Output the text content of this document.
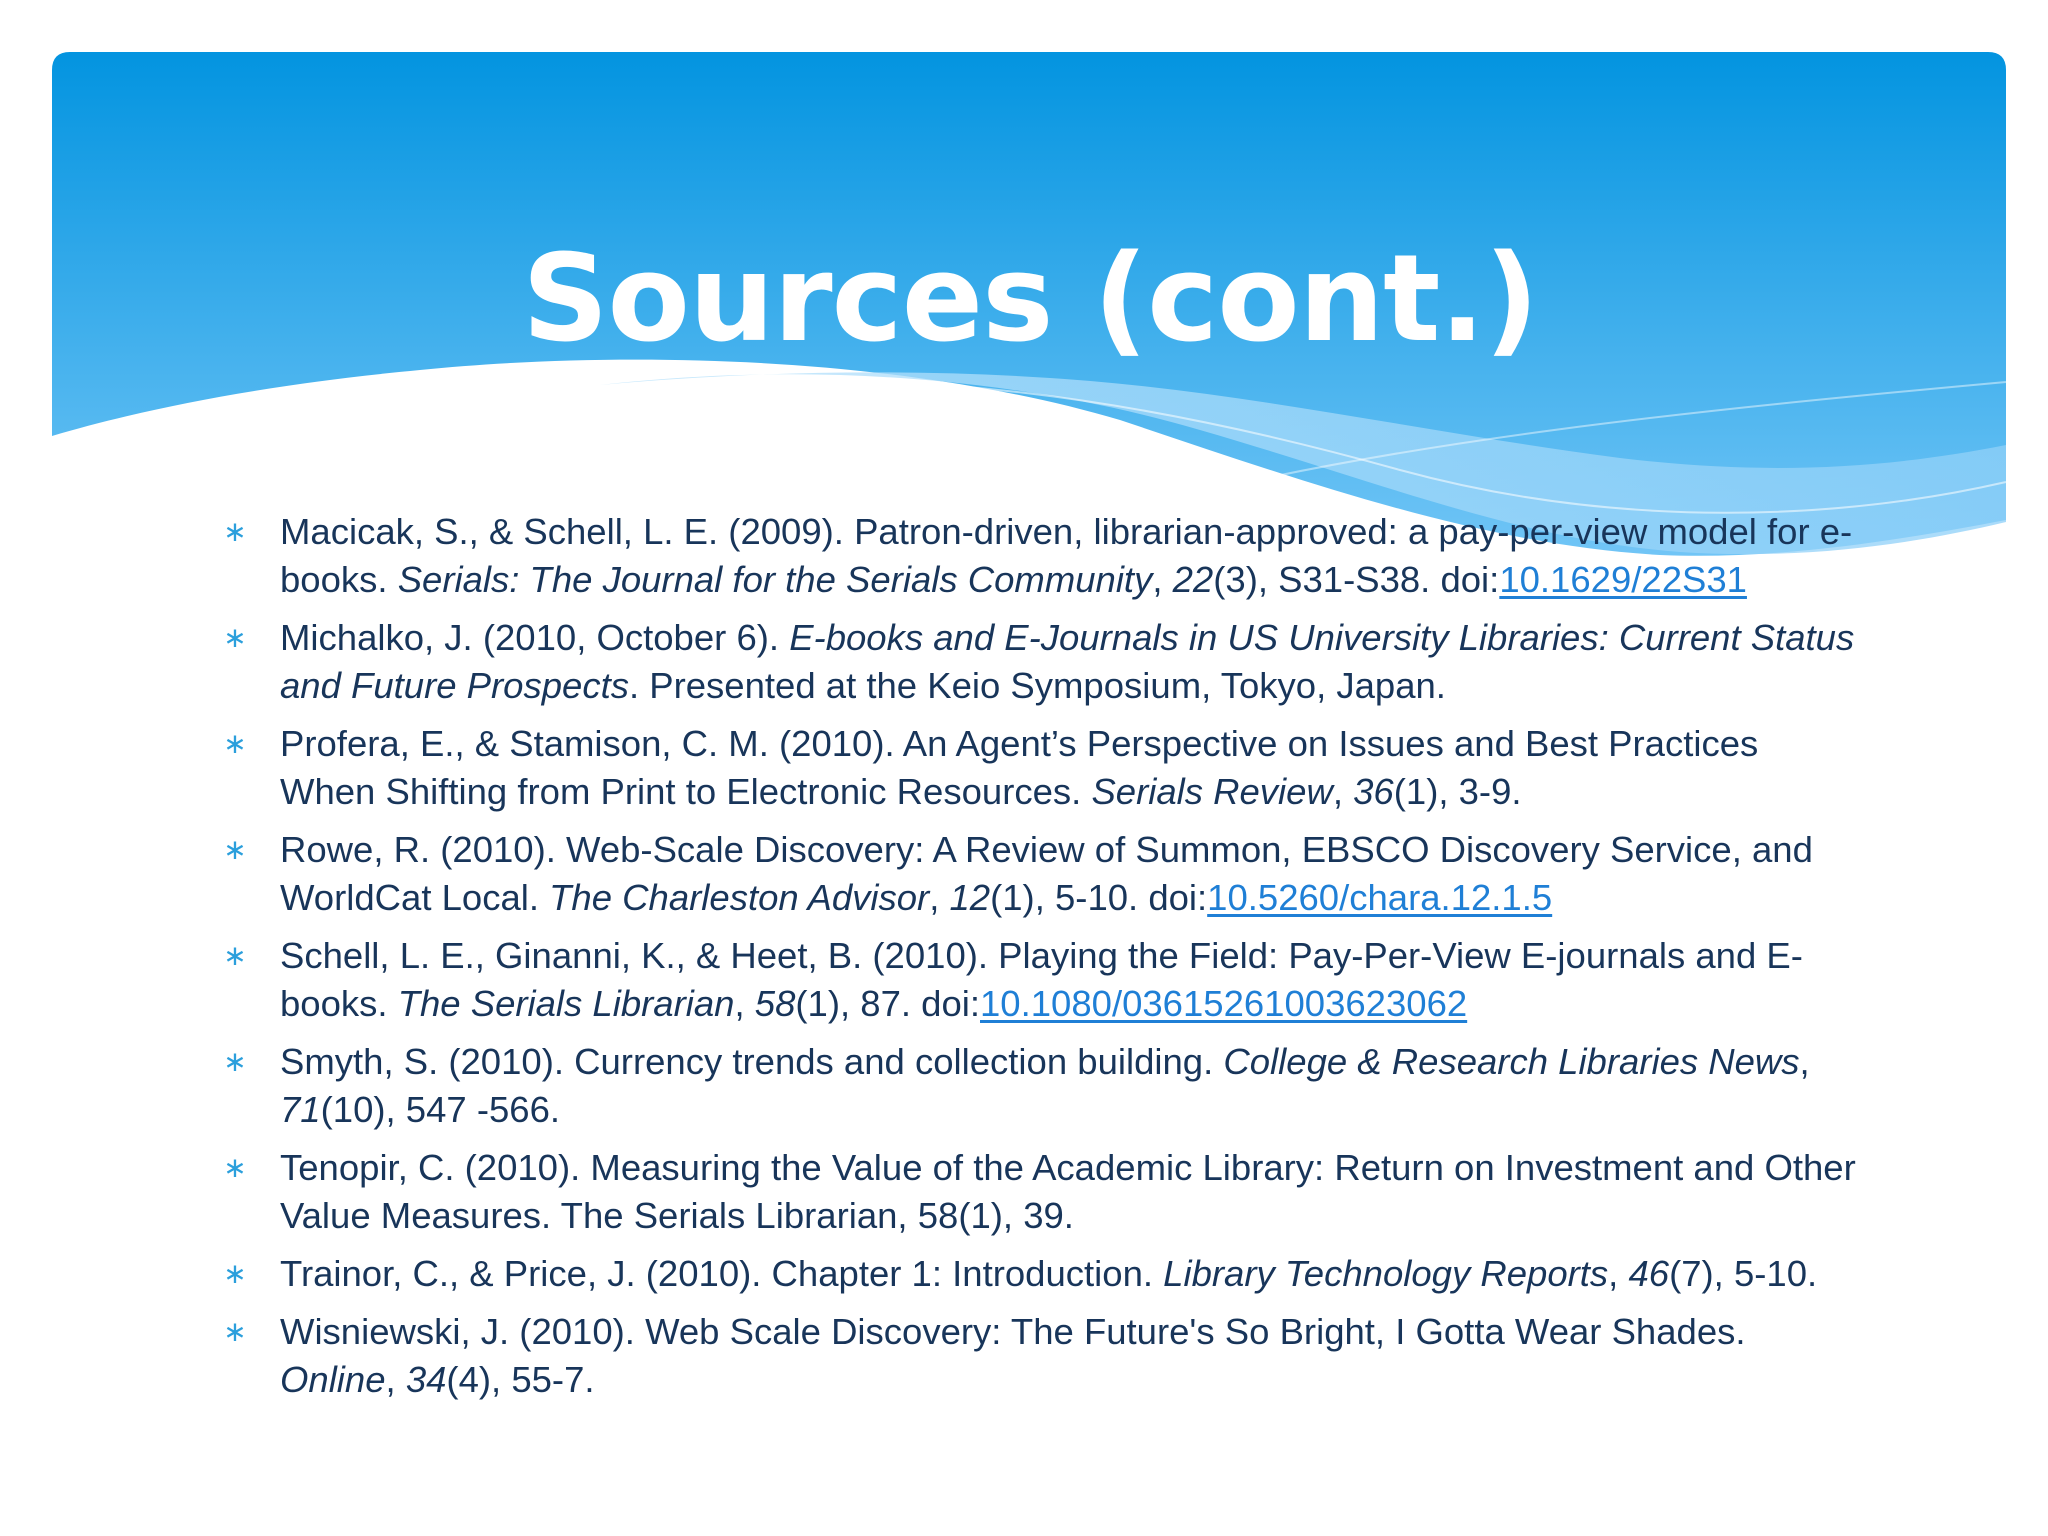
Sources (cont.)
∗ Macicak, S., & Schell, L. E. (2009). Patron-driven, librarian-approved: a pay-per-view model for e-books. Serials: The Journal for the Serials Community, 22(3), S31-S38. doi:10.1629/22S31
∗ Michalko, J. (2010, October 6). E-books and E-Journals in US University Libraries: Current Status and Future Prospects. Presented at the Keio Symposium, Tokyo, Japan.
∗ Profera, E., & Stamison, C. M. (2010). An Agent’s Perspective on Issues and Best Practices When Shifting from Print to Electronic Resources. Serials Review, 36(1), 3-9.
∗ Rowe, R. (2010). Web-Scale Discovery: A Review of Summon, EBSCO Discovery Service, and WorldCat Local. The Charleston Advisor, 12(1), 5-10. doi:10.5260/chara.12.1.5
∗ Schell, L. E., Ginanni, K., & Heet, B. (2010). Playing the Field: Pay-Per-View E-journals and E-books. The Serials Librarian, 58(1), 87. doi:10.1080/03615261003623062
∗ Smyth, S. (2010). Currency trends and collection building. College & Research Libraries News, 71(10), 547 -566.
∗ Tenopir, C. (2010). Measuring the Value of the Academic Library: Return on Investment and Other Value Measures. The Serials Librarian, 58(1), 39.
∗ Trainor, C., & Price, J. (2010). Chapter 1: Introduction. Library Technology Reports, 46(7), 5-10.
∗ Wisniewski, J. (2010). Web Scale Discovery: The Future's So Bright, I Gotta Wear Shades. Online, 34(4), 55-7.
